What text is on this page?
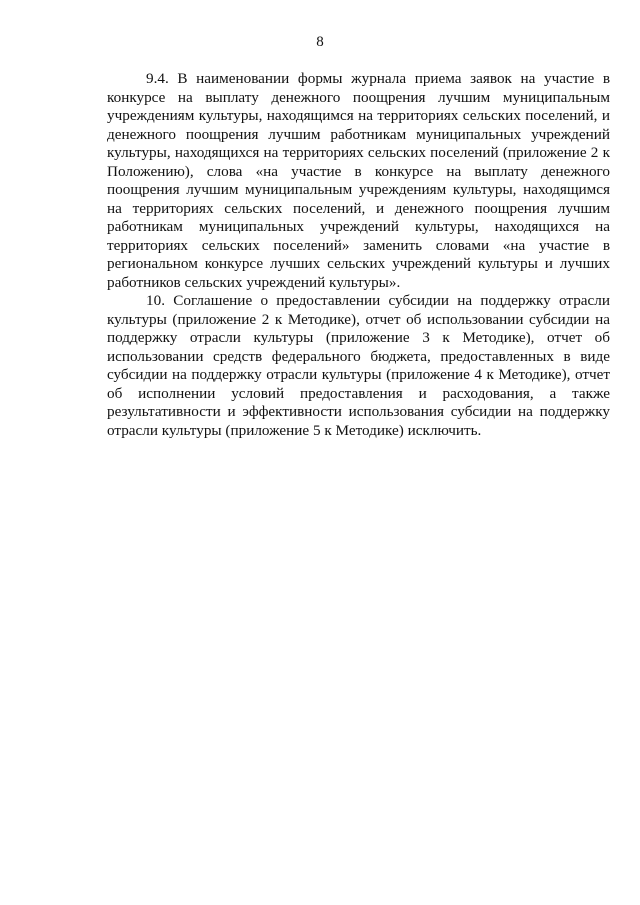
8

9.4. В наименовании формы журнала приема заявок на участие в конкурсе на выплату денежного поощрения лучшим муниципальным учреждениям культуры, находящимся на территориях сельских поселений, и денежного поощрения лучшим работникам муниципальных учреждений культуры, находящихся на территориях сельских поселений (приложение 2 к Положению), слова «на участие в конкурсе на выплату денежного поощрения лучшим муниципальным учреждениям культуры, находящимся на территориях сельских поселений, и денежного поощрения лучшим работникам муниципальных учреждений культуры, находящихся на территориях сельских поселений» заменить словами «на участие в региональном конкурсе лучших сельских учреждений культуры и лучших работников сельских учреждений культуры».

10. Соглашение о предоставлении субсидии на поддержку отрасли культуры (приложение 2 к Методике), отчет об использовании субсидии на поддержку отрасли культуры (приложение 3 к Методике), отчет об использовании средств федерального бюджета, предоставленных в виде субсидии на поддержку отрасли культуры (приложение 4 к Методике), отчет об исполнении условий предоставления и расходования, а также результативности и эффективности использования субсидии на поддержку отрасли культуры (приложение 5 к Методике) исключить.
